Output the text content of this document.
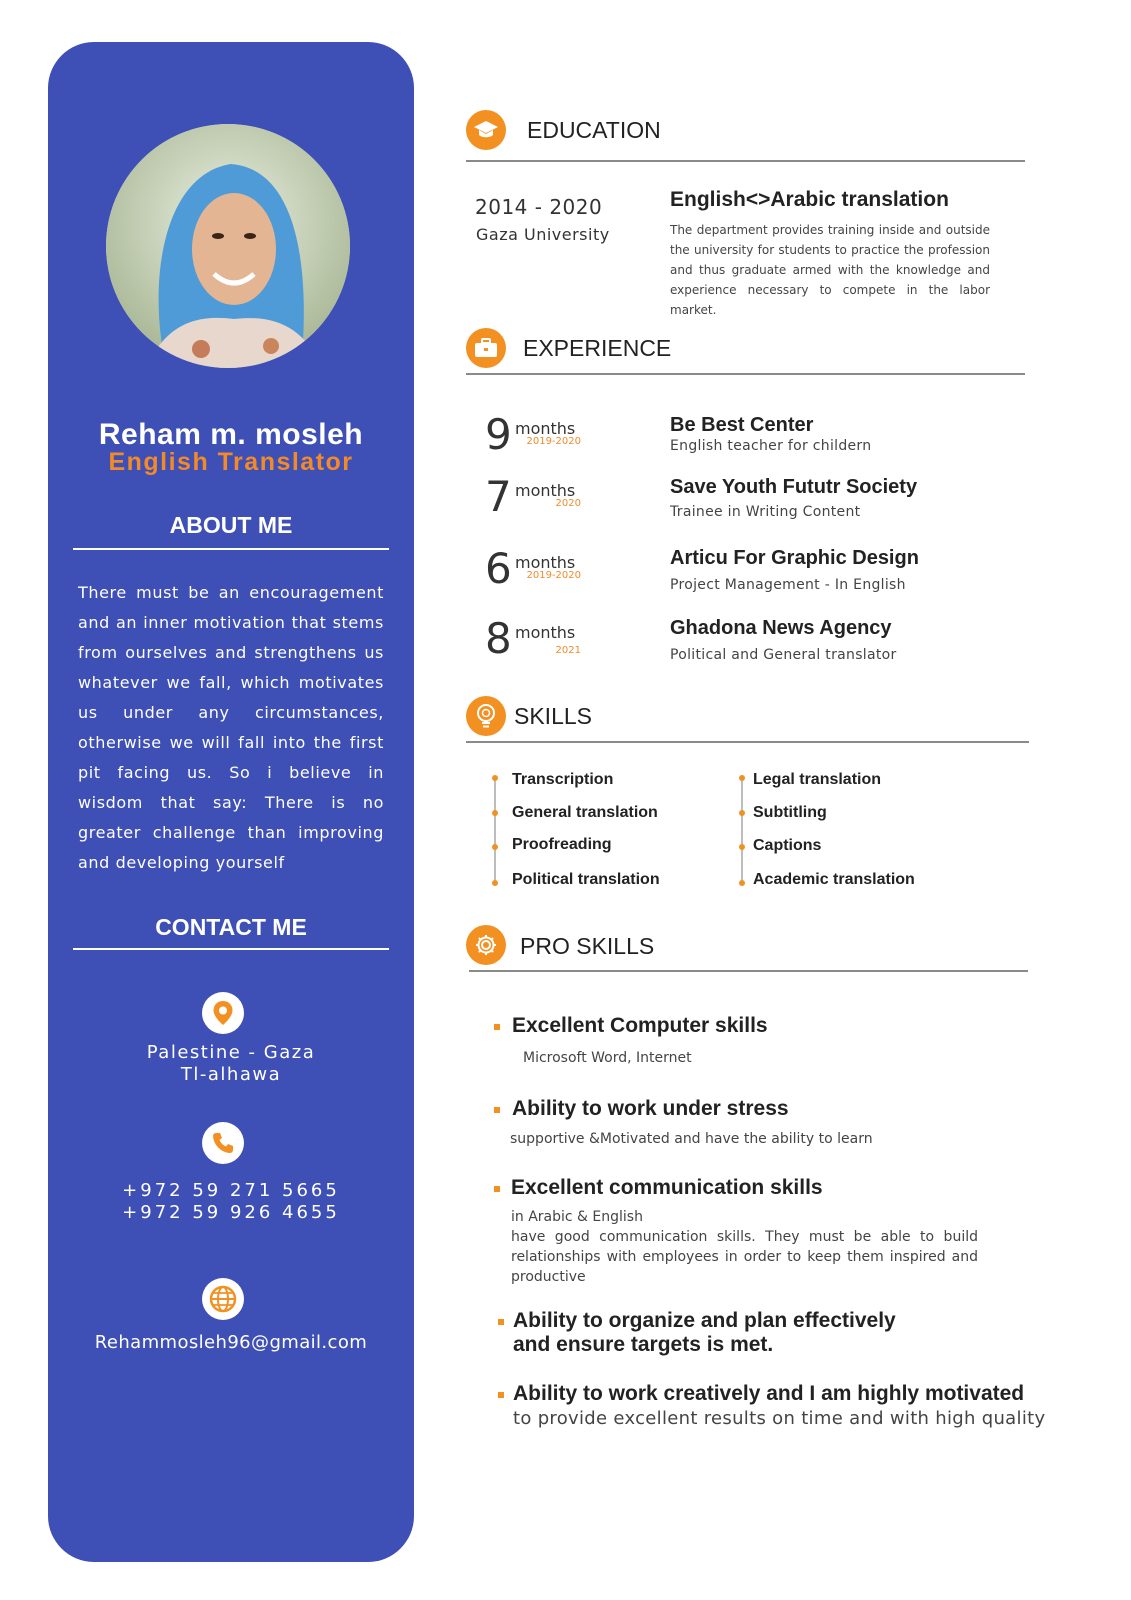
Reham m. mosleh
English Translator
ABOUT ME
There must be an encouragement and an inner motivation that stems from ourselves and strengthens us whatever we fall, which motivates us under any circumstances, otherwise we will fall into the first pit facing us. So i believe in wisdom that say: There is no greater challenge than improving and developing yourself
CONTACT ME
Palestine - Gaza
Tl-alhawa
+972 59 271 5665
+972 59 926 4655
Rehammosleh96@gmail.com
EDUCATION
2014 - 2020
Gaza University
English<>Arabic translation
The department provides training inside and outside the university for students to practice the profession and thus graduate armed with the knowledge and experience necessary to compete in the labor market.
EXPERIENCE
9 months
2019-2020
Be Best Center
English teacher for childern
7 months
2020
Save Youth Fututr Society
Trainee in Writing Content
6 months
2019-2020
Articu For Graphic Design
Project Management - In English
8 months
2021
Ghadona News Agency
Political and General translator
SKILLS
Transcription
General translation
Proofreading
Political translation
Legal translation
Subtitling
Captions
Academic translation
PRO SKILLS
Excellent Computer skills
Microsoft Word, Internet
Ability to work under stress
supportive &Motivated and have the ability to learn
Excellent communication skills
in Arabic & English
have good communication skills. They must be able to build relationships with employees in order to keep them inspired and productive
Ability to organize and plan effectively
and ensure targets is met.
Ability to work creatively and I am highly motivated
to provide excellent results on time and with high quality
